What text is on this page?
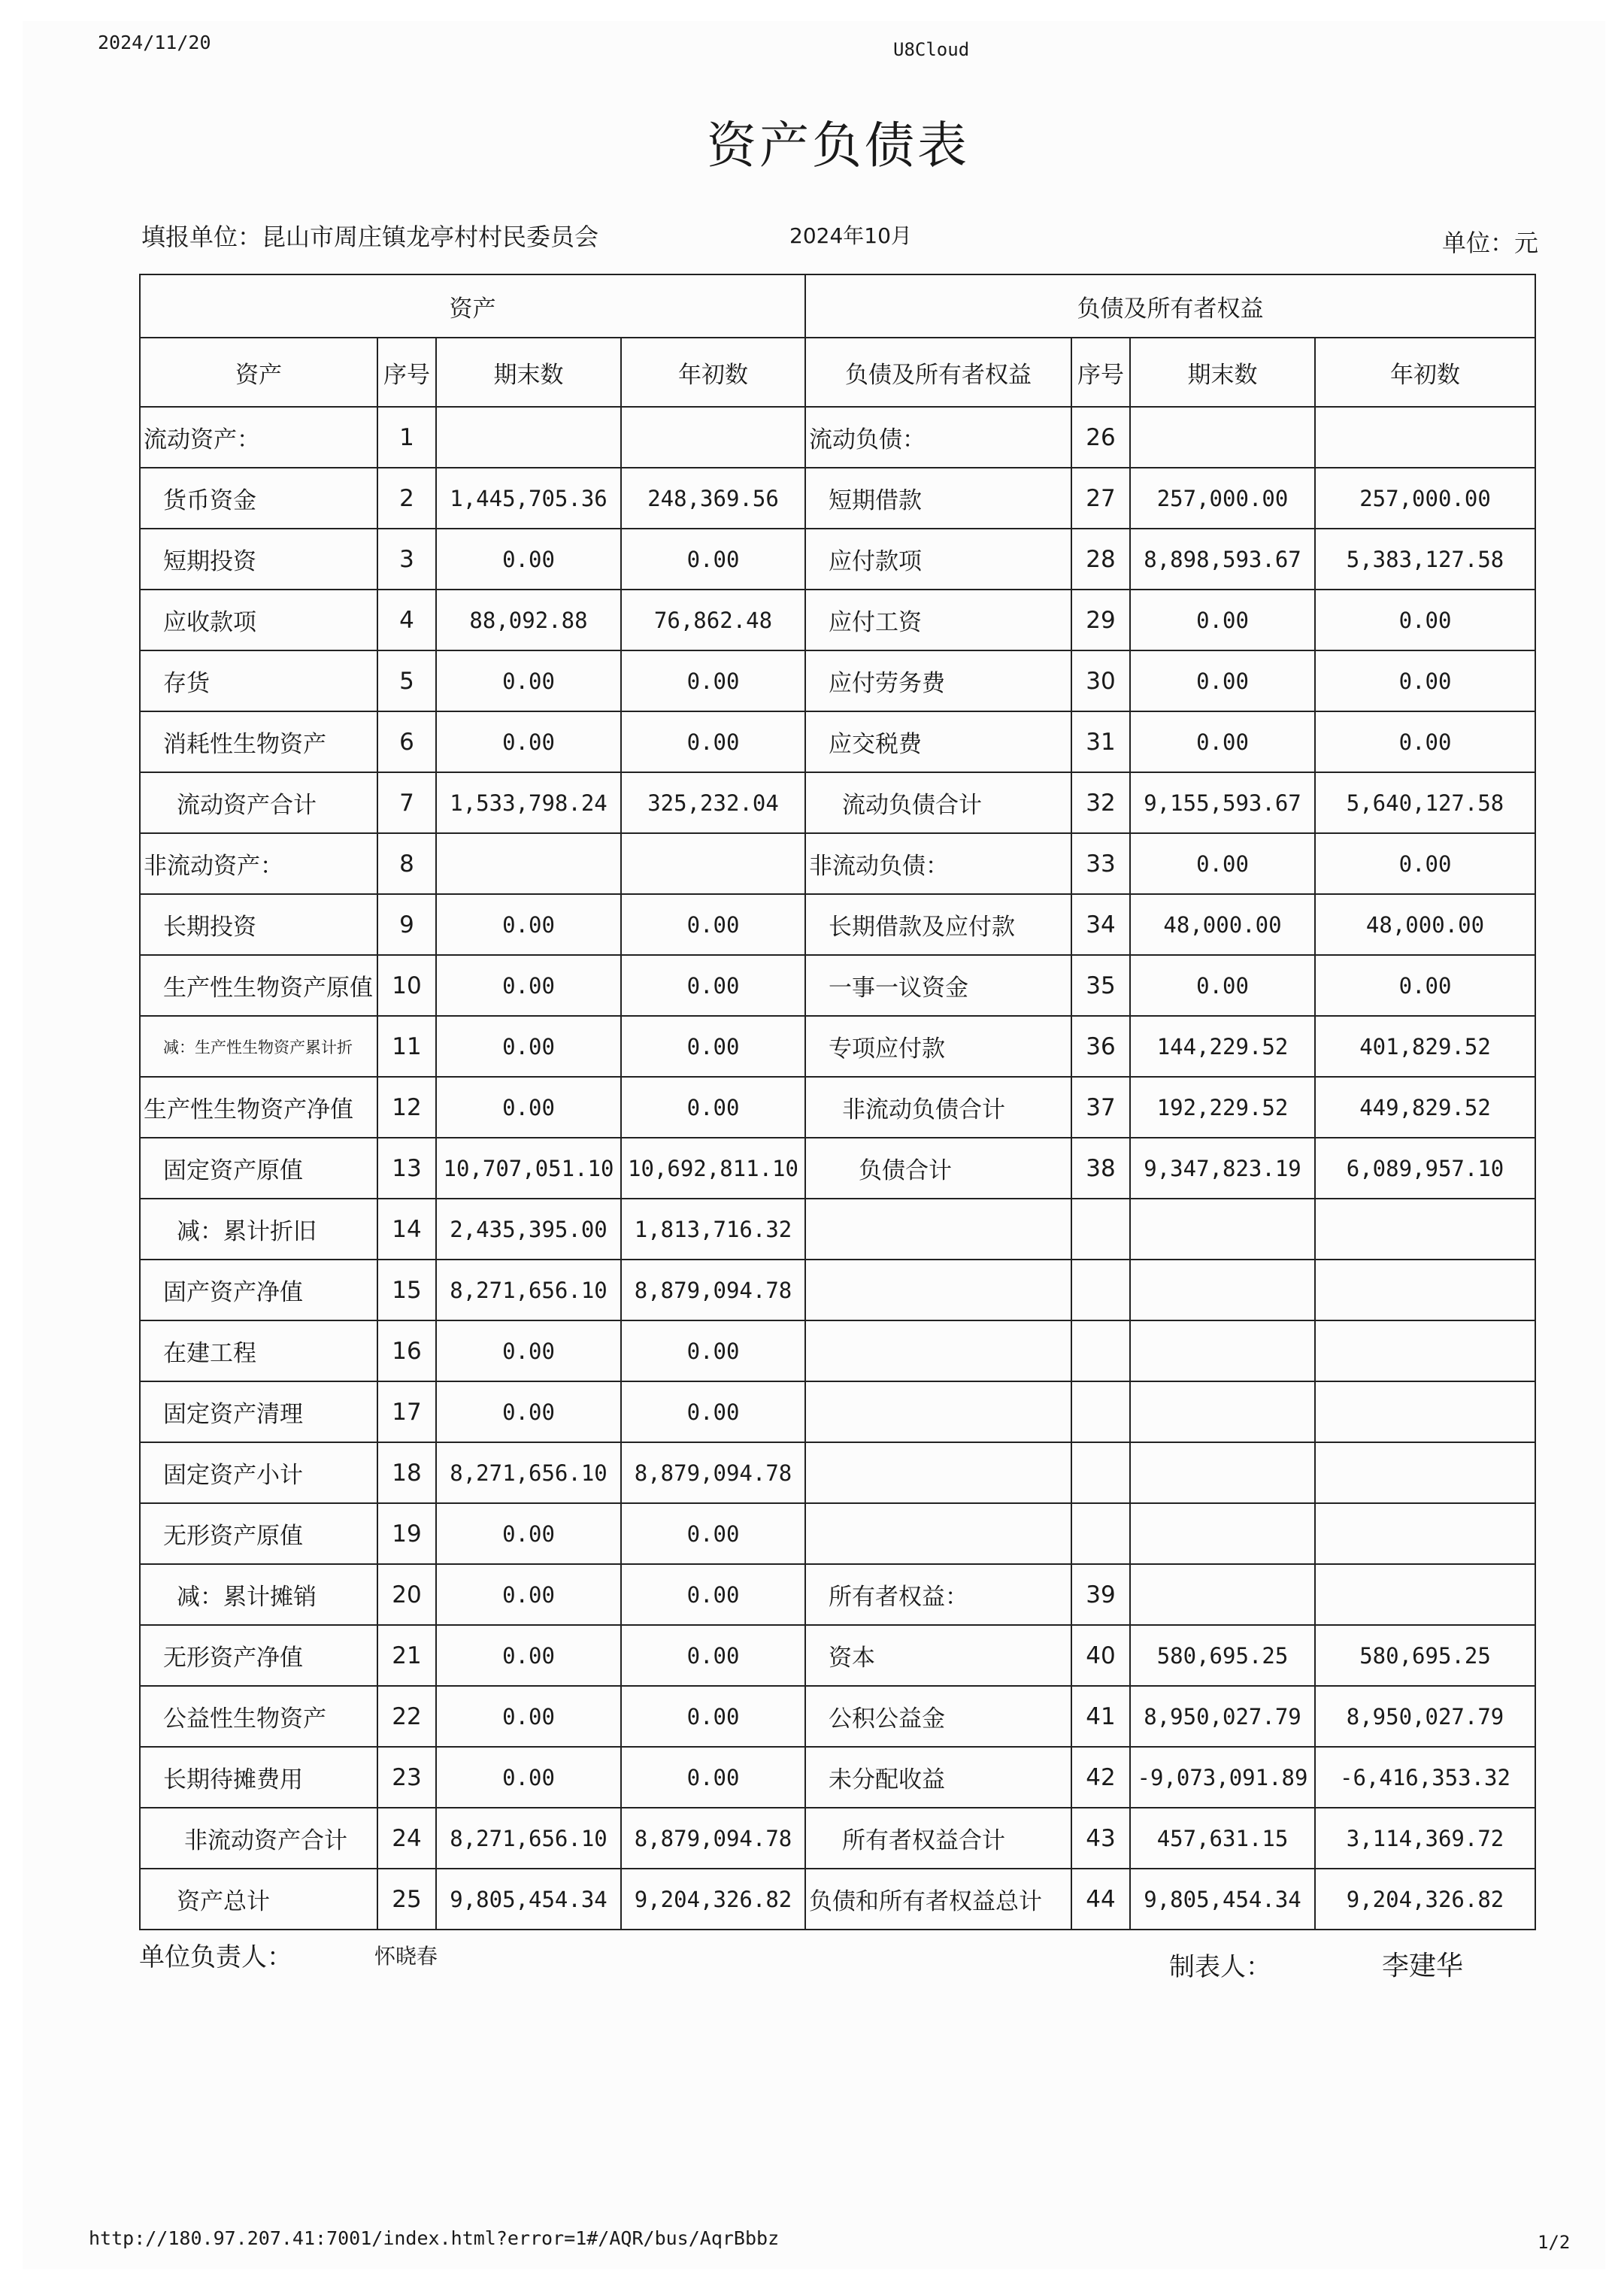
2024/11/20	U8Cloud
资产负债表
填报单位：昆山市周庄镇龙亭村村民委员会	2024年10月	单位：元
资产				负债及所有者权益			
资产	序号	期末数	年初数	负债及所有者权益	序号	期末数	年初数
流动资产：	1			流动负债：	26		
货币资金	2	1,445,705.36	248,369.56	短期借款	27	257,000.00	257,000.00
短期投资	3	0.00	0.00	应付款项	28	8,898,593.67	5,383,127.58
应收款项	4	88,092.88	76,862.48	应付工资	29	0.00	0.00
存货	5	0.00	0.00	应付劳务费	30	0.00	0.00
消耗性生物资产	6	0.00	0.00	应交税费	31	0.00	0.00
流动资产合计	7	1,533,798.24	325,232.04	流动负债合计	32	9,155,593.67	5,640,127.58
非流动资产：	8			非流动负债：	33	0.00	0.00
长期投资	9	0.00	0.00	长期借款及应付款	34	48,000.00	48,000.00
生产性生物资产原值	10	0.00	0.00	一事一议资金	35	0.00	0.00
减：生产性生物资产累计折	11	0.00	0.00	专项应付款	36	144,229.52	401,829.52
生产性生物资产净值	12	0.00	0.00	非流动负债合计	37	192,229.52	449,829.52
固定资产原值	13	10,707,051.10	10,692,811.10	负债合计	38	9,347,823.19	6,089,957.10
减：累计折旧	14	2,435,395.00	1,813,716.32				
固产资产净值	15	8,271,656.10	8,879,094.78				
在建工程	16	0.00	0.00				
固定资产清理	17	0.00	0.00				
固定资产小计	18	8,271,656.10	8,879,094.78				
无形资产原值	19	0.00	0.00				
减：累计摊销	20	0.00	0.00	所有者权益：	39		
无形资产净值	21	0.00	0.00	资本	40	580,695.25	580,695.25
公益性生物资产	22	0.00	0.00	公积公益金	41	8,950,027.79	8,950,027.79
长期待摊费用	23	0.00	0.00	未分配收益	42	-9,073,091.89	-6,416,353.32
非流动资产合计	24	8,271,656.10	8,879,094.78	所有者权益合计	43	457,631.15	3,114,369.72
资产总计	25	9,805,454.34	9,204,326.82	负债和所有者权益总计	44	9,805,454.34	9,204,326.82
单位负责人：	怀晓春	制表人：	李建华
http://180.97.207.41:7001/index.html?error=1#/AQR/bus/AqrBbbz	1/2
